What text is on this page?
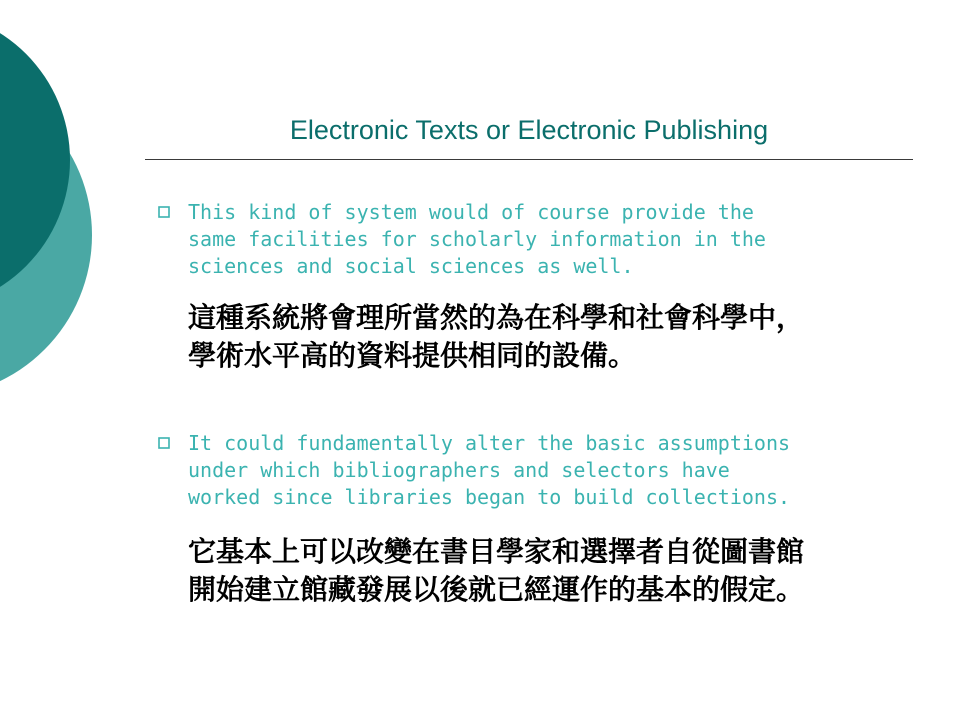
Electronic Texts or Electronic Publishing
This kind of system would of course provide the
same facilities for scholarly information in the
sciences and social sciences as well.
這種系統將會理所當然的為在科學和社會科學中，
學術水平高的資料提供相同的設備。
It could fundamentally alter the basic assumptions
under which bibliographers and selectors have
worked since libraries began to build collections.
它基本上可以改變在書目學家和選擇者自從圖書館
開始建立館藏發展以後就已經運作的基本的假定。
